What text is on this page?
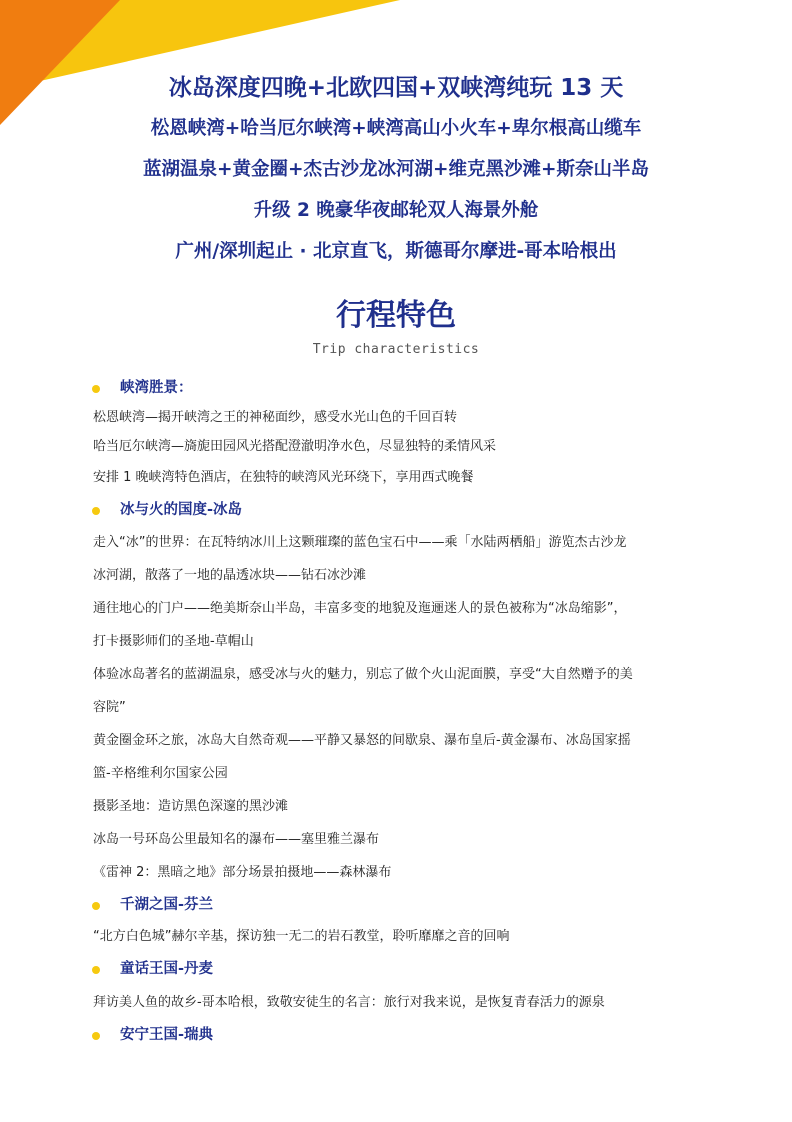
冰岛深度四晚+北欧四国+双峡湾纯玩 13 天

松恩峡湾+哈当厄尔峡湾+峡湾高山小火车+卑尔根高山缆车

蓝湖温泉+黄金圈+杰古沙龙冰河湖+维克黑沙滩+斯奈山半岛

升级 2 晚豪华夜邮轮双人海景外舱

广州/深圳起止 · 北京直飞，斯德哥尔摩进-哥本哈根出

行程特色
Trip characteristics
峡湾胜景：
松恩峡湾—揭开峡湾之王的神秘面纱，感受水光山色的千回百转
哈当厄尔峡湾—旖旎田园风光搭配澄澈明净水色，尽显独特的柔情风采
安排 1 晚峡湾特色酒店，在独特的峡湾风光环绕下，享用西式晚餐
冰与火的国度-冰岛
走入“冰”的世界：在瓦特纳冰川上这颗璀璨的蓝色宝石中——乘「水陆两栖船」游览杰古沙龙
冰河湖，散落了一地的晶透冰块——钻石冰沙滩
通往地心的门户——绝美斯奈山半岛，丰富多变的地貌及迤逦迷人的景色被称为“冰岛缩影”，
打卡摄影师们的圣地-草帽山
体验冰岛著名的蓝湖温泉，感受冰与火的魅力，别忘了做个火山泥面膜，享受“大自然赠予的美
容院”
黄金圈金环之旅，冰岛大自然奇观——平静又暴怒的间歇泉、瀑布皇后-黄金瀑布、冰岛国家摇
篮-辛格维利尔国家公园
摄影圣地：造访黑色深邃的黑沙滩
冰岛一号环岛公里最知名的瀑布——塞里雅兰瀑布
《雷神 2：黑暗之地》部分场景拍摄地——森林瀑布
千湖之国-芬兰
“北方白色城”赫尔辛基，探访独一无二的岩石教堂，聆听靡靡之音的回响
童话王国-丹麦
拜访美人鱼的故乡-哥本哈根，致敬安徒生的名言：旅行对我来说，是恢复青春活力的源泉
安宁王国-瑞典
